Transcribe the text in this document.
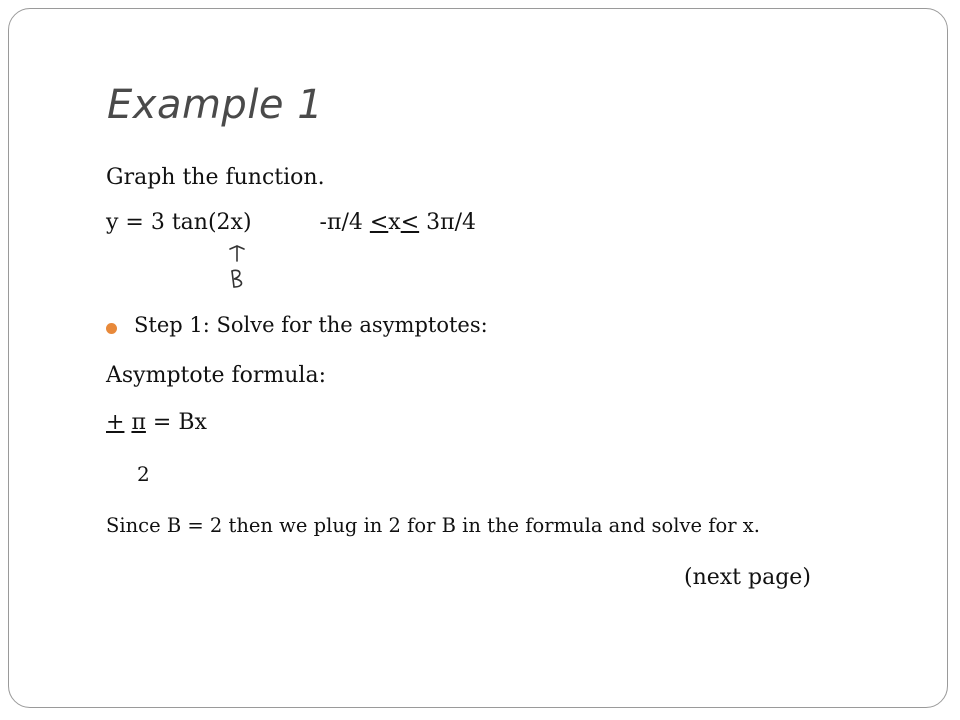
Example 1
Graph the function.
y = 3 tan(2x)	-π/4 <x< 3π/4
Step 1: Solve for the asymptotes:
Asymptote formula:
+ π = Bx
2
Since B = 2 then we plug in 2 for B in the formula and solve for x.
(next page)
